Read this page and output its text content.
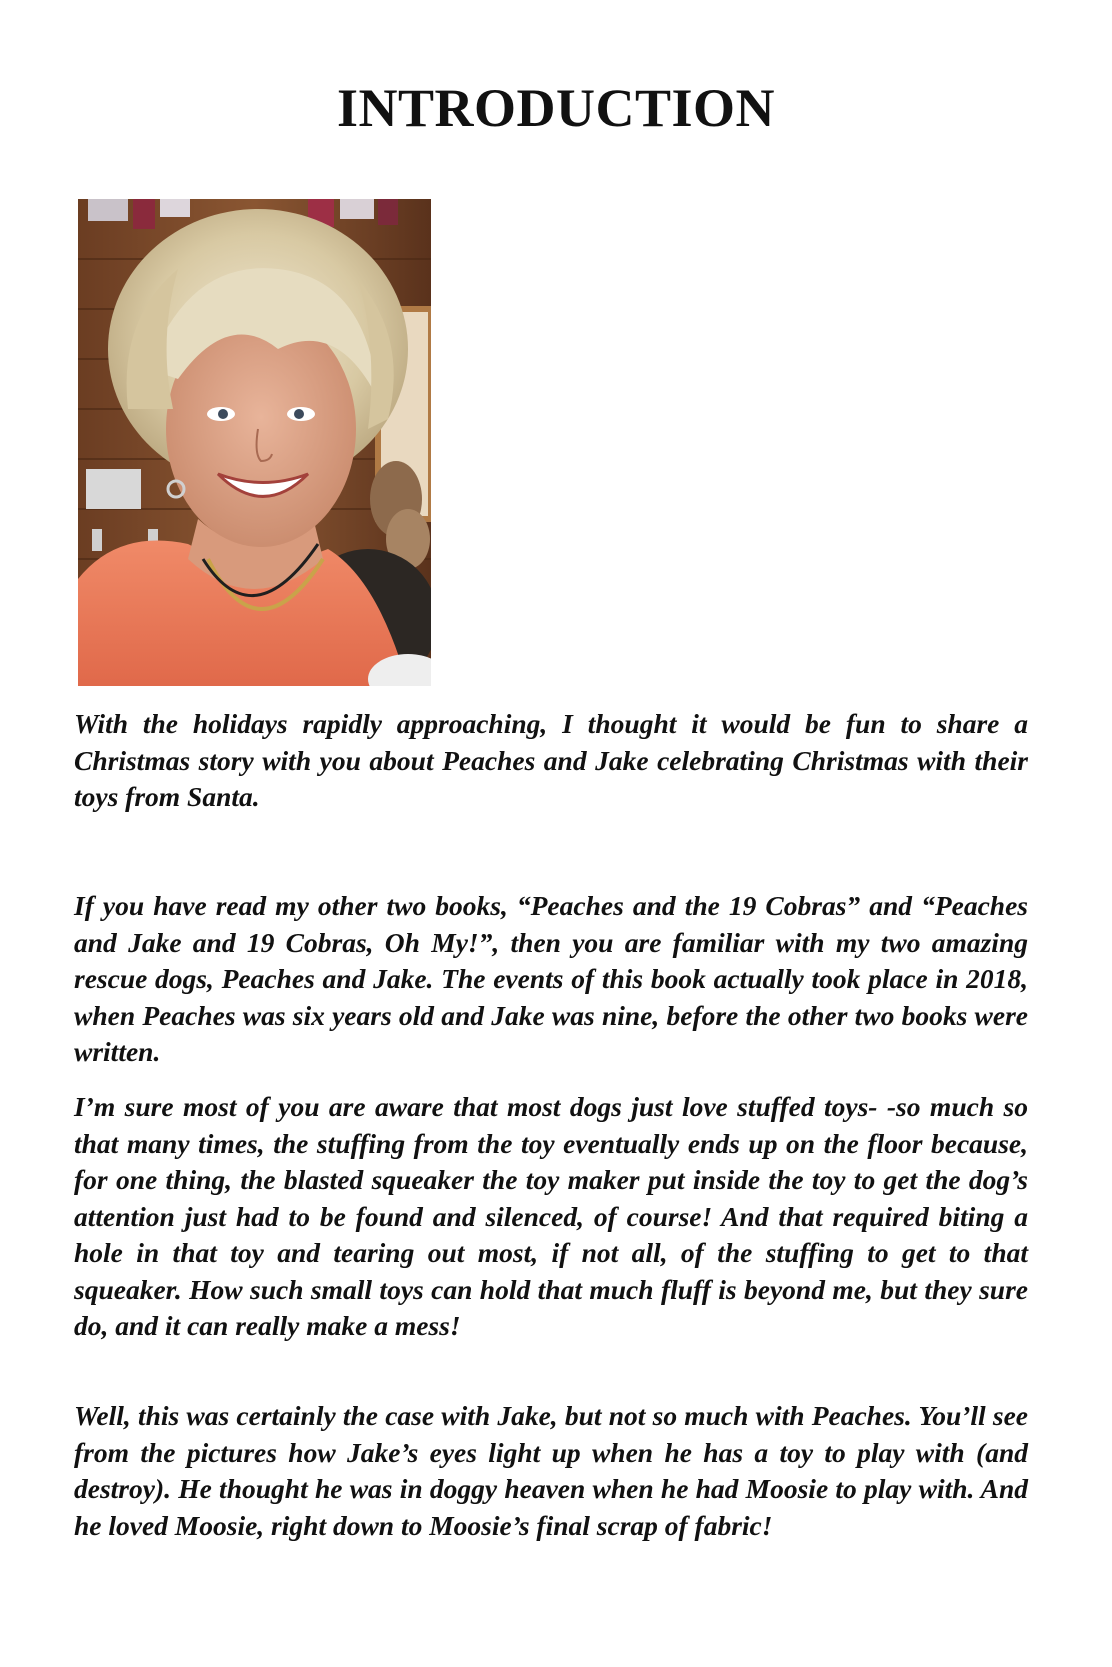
INTRODUCTION

With the holidays rapidly approaching, I thought it would be fun to share a Christmas story with you about Peaches and Jake celebrating Christmas with their toys from Santa.

If you have read my other two books, “Peaches and the 19 Cobras” and “Peaches and Jake and 19 Cobras, Oh My!”, then you are familiar with my two amazing rescue dogs, Peaches and Jake. The events of this book actually took place in 2018, when Peaches was six years old and Jake was nine, before the other two books were written.

I’m sure most of you are aware that most dogs just love stuffed toys- -so much so that many times, the stuffing from the toy eventually ends up on the floor because, for one thing, the blasted squeaker the toy maker put inside the toy to get the dog’s attention just had to be found and silenced, of course! And that required biting a hole in that toy and tearing out most, if not all, of the stuffing to get to that squeaker. How such small toys can hold that much fluff is beyond me, but they sure do, and it can really make a mess!

Well, this was certainly the case with Jake, but not so much with Peaches. You’ll see from the pictures how Jake’s eyes light up when he has a toy to play with (and destroy). He thought he was in doggy heaven when he had Moosie to play with. And he loved Moosie, right down to Moosie’s final scrap of fabric!
